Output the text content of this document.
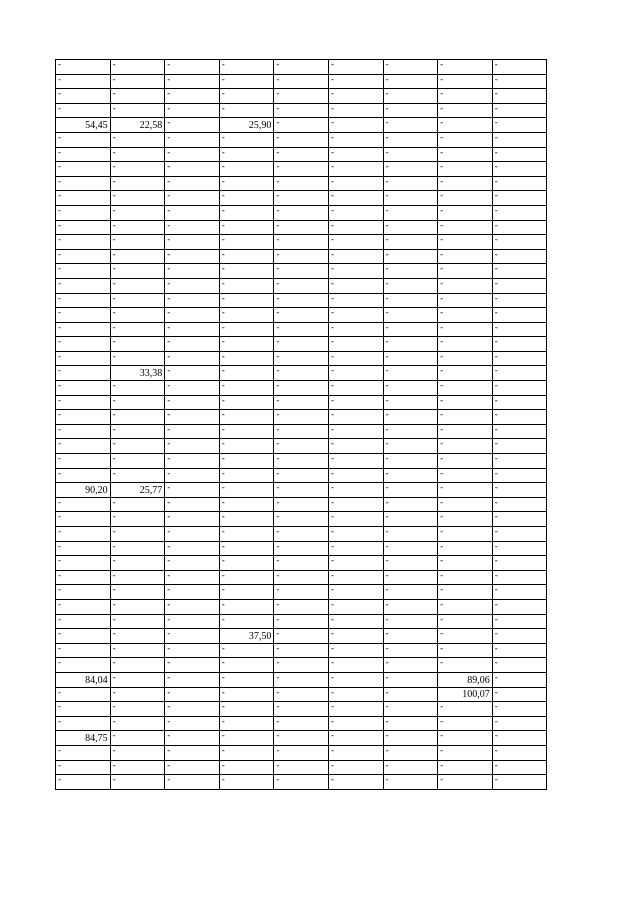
-	-	-	-	-	-	-	-	-
-	-	-	-	-	-	-	-	-
-	-	-	-	-	-	-	-	-
-	-	-	-	-	-	-	-	-
54,45	22,58	-	25,90	-	-	-	-	-
-	-	-	-	-	-	-	-	-
-	-	-	-	-	-	-	-	-
-	-	-	-	-	-	-	-	-
-	-	-	-	-	-	-	-	-
-	-	-	-	-	-	-	-	-
-	-	-	-	-	-	-	-	-
-	-	-	-	-	-	-	-	-
-	-	-	-	-	-	-	-	-
-	-	-	-	-	-	-	-	-
-	-	-	-	-	-	-	-	-
-	-	-	-	-	-	-	-	-
-	-	-	-	-	-	-	-	-
-	-	-	-	-	-	-	-	-
-	-	-	-	-	-	-	-	-
-	-	-	-	-	-	-	-	-
-	-	-	-	-	-	-	-	-
-	33,38	-	-	-	-	-	-	-
-	-	-	-	-	-	-	-	-
-	-	-	-	-	-	-	-	-
-	-	-	-	-	-	-	-	-
-	-	-	-	-	-	-	-	-
-	-	-	-	-	-	-	-	-
-	-	-	-	-	-	-	-	-
-	-	-	-	-	-	-	-	-
90,20	25,77	-	-	-	-	-	-	-
-	-	-	-	-	-	-	-	-
-	-	-	-	-	-	-	-	-
-	-	-	-	-	-	-	-	-
-	-	-	-	-	-	-	-	-
-	-	-	-	-	-	-	-	-
-	-	-	-	-	-	-	-	-
-	-	-	-	-	-	-	-	-
-	-	-	-	-	-	-	-	-
-	-	-	-	-	-	-	-	-
-	-	-	37,50	-	-	-	-	-
-	-	-	-	-	-	-	-	-
-	-	-	-	-	-	-	-	-
84,04	-	-	-	-	-	-	89,06	-
-	-	-	-	-	-	-	100,07	-
-	-	-	-	-	-	-	-	-
-	-	-	-	-	-	-	-	-
84,75	-	-	-	-	-	-	-	-
-	-	-	-	-	-	-	-	-
-	-	-	-	-	-	-	-	-
-	-	-	-	-	-	-	-	-
